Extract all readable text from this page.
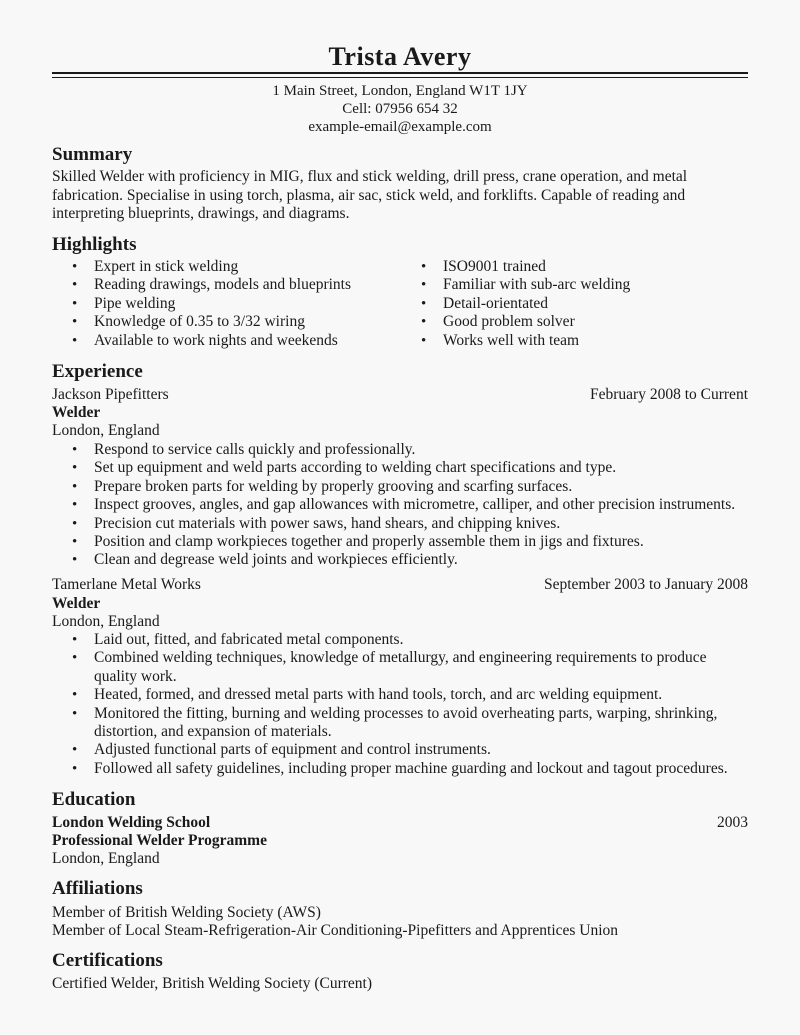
Trista Avery
1 Main Street, London, England W1T 1JY
Cell: 07956 654 32
example-email@example.com
Summary
Skilled Welder with proficiency in MIG, flux and stick welding, drill press, crane operation, and metal fabrication. Specialise in using torch, plasma, air sac, stick weld, and forklifts. Capable of reading and interpreting blueprints, drawings, and diagrams.
Highlights
• Expert in stick welding
• Reading drawings, models and blueprints
• Pipe welding
• Knowledge of 0.35 to 3/32 wiring
• Available to work nights and weekends
• ISO9001 trained
• Familiar with sub-arc welding
• Detail-orientated
• Good problem solver
• Works well with team
Experience
Jackson Pipefitters	February 2008 to Current
Welder
London, England
• Respond to service calls quickly and professionally.
• Set up equipment and weld parts according to welding chart specifications and type.
• Prepare broken parts for welding by properly grooving and scarfing surfaces.
• Inspect grooves, angles, and gap allowances with micrometre, calliper, and other precision instruments.
• Precision cut materials with power saws, hand shears, and chipping knives.
• Position and clamp workpieces together and properly assemble them in jigs and fixtures.
• Clean and degrease weld joints and workpieces efficiently.
Tamerlane Metal Works	September 2003 to January 2008
Welder
London, England
• Laid out, fitted, and fabricated metal components.
• Combined welding techniques, knowledge of metallurgy, and engineering requirements to produce quality work.
• Heated, formed, and dressed metal parts with hand tools, torch, and arc welding equipment.
• Monitored the fitting, burning and welding processes to avoid overheating parts, warping, shrinking, distortion, and expansion of materials.
• Adjusted functional parts of equipment and control instruments.
• Followed all safety guidelines, including proper machine guarding and lockout and tagout procedures.
Education
London Welding School	2003
Professional Welder Programme
London, England
Affiliations
Member of British Welding Society (AWS)
Member of Local Steam-Refrigeration-Air Conditioning-Pipefitters and Apprentices Union
Certifications
Certified Welder, British Welding Society (Current)
